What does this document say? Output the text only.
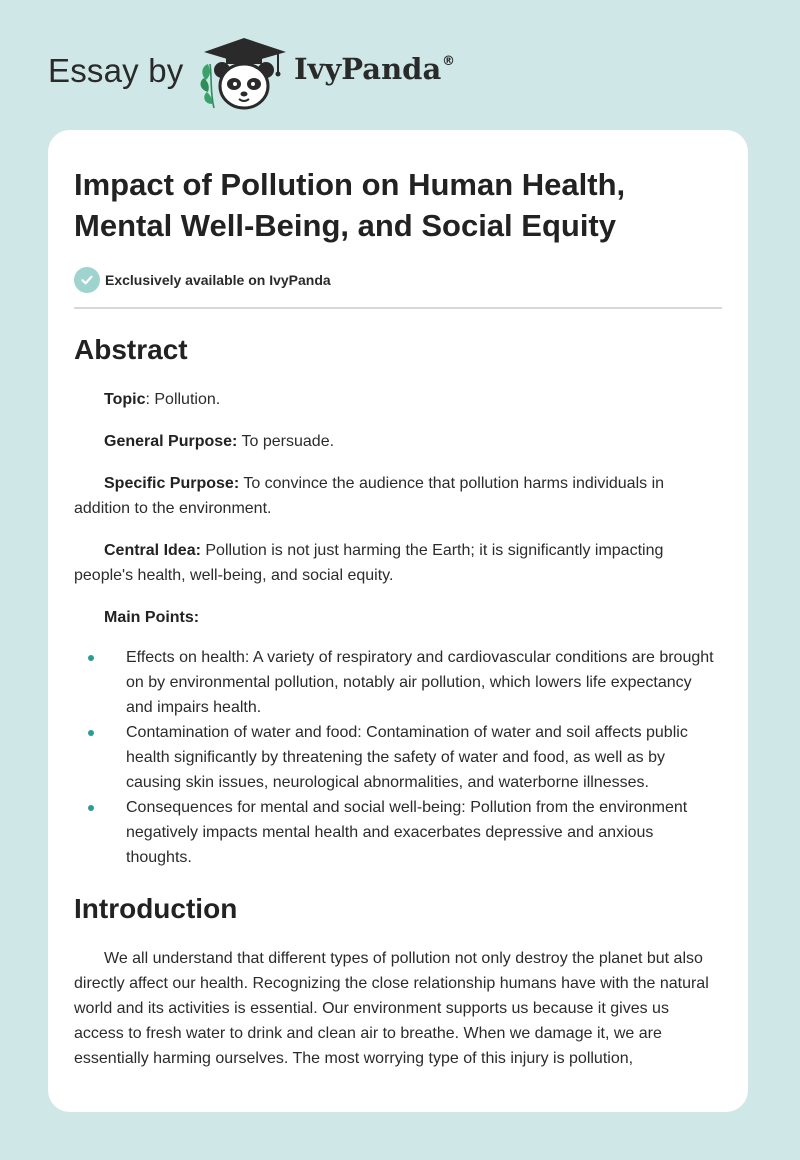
Essay by	IvyPanda ®
Impact of Pollution on Human Health, Mental Well-Being, and Social Equity
Exclusively available on IvyPanda
Abstract

Topic: Pollution.

General Purpose: To persuade.

Specific Purpose: To convince the audience that pollution harms individuals in addition to the environment.

Central Idea: Pollution is not just harming the Earth; it is significantly impacting people's health, well-being, and social equity.

Main Points:

Effects on health: A variety of respiratory and cardiovascular conditions are brought on by environmental pollution, notably air pollution, which lowers life expectancy and impairs health.
Contamination of water and food: Contamination of water and soil affects public health significantly by threatening the safety of water and food, as well as by causing skin issues, neurological abnormalities, and waterborne illnesses.
Consequences for mental and social well-being: Pollution from the environment negatively impacts mental health and exacerbates depressive and anxious thoughts.
Introduction

We all understand that different types of pollution not only destroy the planet but also directly affect our health. Recognizing the close relationship humans have with the natural world and its activities is essential. Our environment supports us because it gives us access to fresh water to drink and clean air to breathe. When we damage it, we are essentially harming ourselves. The most worrying type of this injury is pollution,
